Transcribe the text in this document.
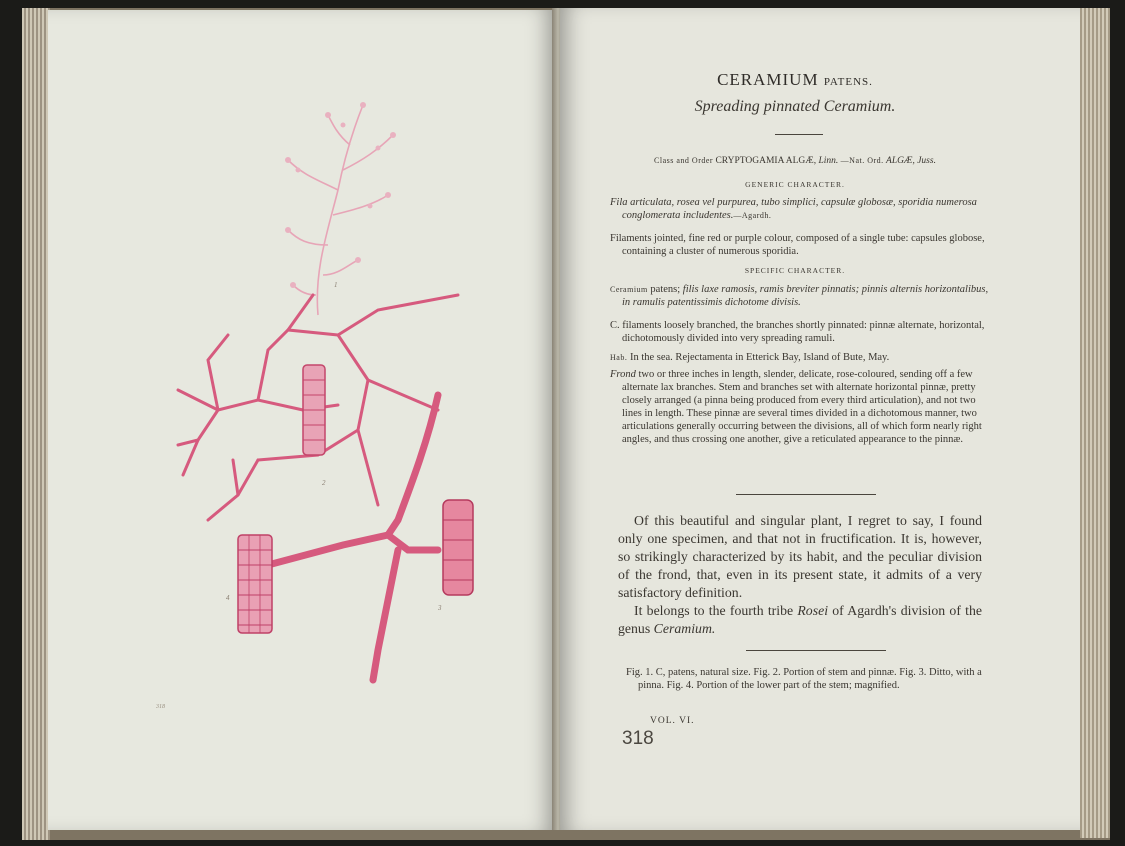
1
2
3
4
318
CERAMIUM PATENS.
Spreading pinnated Ceramium.
Class and Order CRYPTOGAMIA ALGÆ, Linn. —Nat. Ord. ALGÆ, Juss.
GENERIC CHARACTER.
Fila articulata, rosea vel purpurea, tubo simplici, capsulæ globosæ, sporidia numerosa conglomerata includentes.—Agardh.
Filaments jointed, fine red or purple colour, composed of a single tube: capsules globose, containing a cluster of numerous sporidia.
SPECIFIC CHARACTER.
Ceramium patens; filis laxe ramosis, ramis breviter pinnatis; pinnis alternis horizontalibus, in ramulis patentissimis dichotome divisis.
C. filaments loosely branched, the branches shortly pinnated: pinnæ alternate, horizontal, dichotomously divided into very spreading ramuli.
Hab. In the sea. Rejectamenta in Etterick Bay, Island of Bute, May.
Frond two or three inches in length, slender, delicate, rose-coloured, sending off a few alternate lax branches. Stem and branches set with alternate horizontal pinnæ, pretty closely arranged (a pinna being produced from every third articulation), and not two lines in length. These pinnæ are several times divided in a dichotomous manner, two articulations generally occurring between the divisions, all of which form nearly right angles, and thus crossing one another, give a reticulated appearance to the pinnæ.

Of this beautiful and singular plant, I regret to say, I found only one specimen, and that not in fructification. It is, however, so strikingly characterized by its habit, and the peculiar division of the frond, that, even in its present state, it admits of a very satisfactory definition.

It belongs to the fourth tribe Rosei of Agardh's division of the genus Ceramium.

Fig. 1. C, patens, natural size. Fig. 2. Portion of stem and pinnæ. Fig. 3. Ditto, with a pinna. Fig. 4. Portion of the lower part of the stem; magnified.
VOL. VI.
318
